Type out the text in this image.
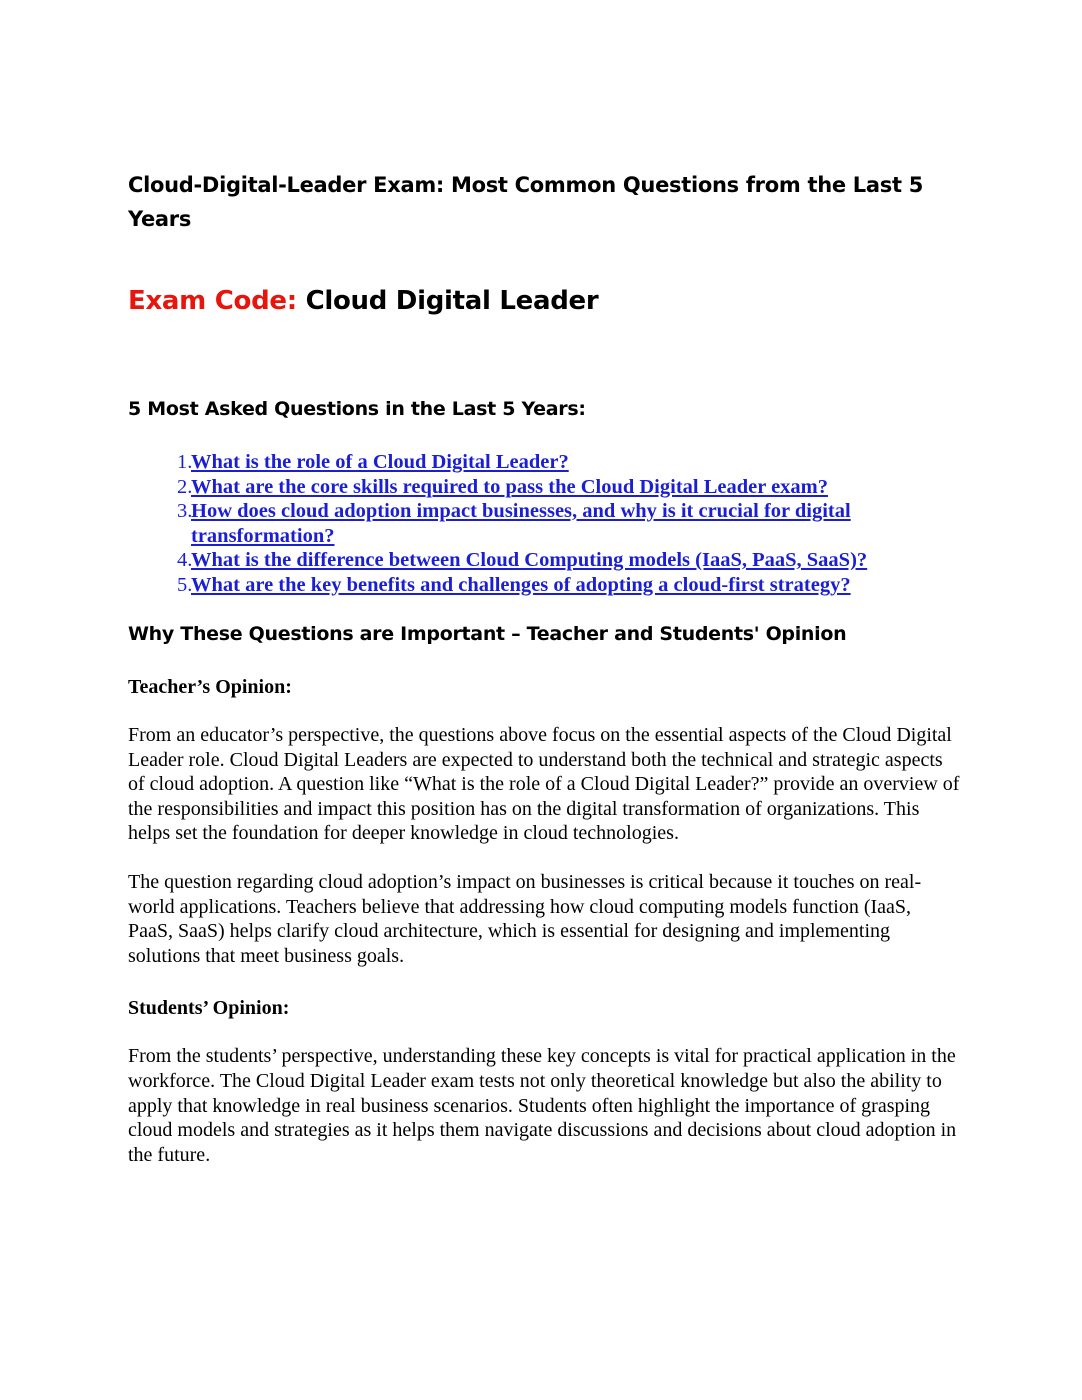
Cloud-Digital-Leader Exam: Most Common Questions from the Last 5 Years
Exam Code: Cloud Digital Leader
5 Most Asked Questions in the Last 5 Years:
1.
What is the role of a Cloud Digital Leader?
2.
What are the core skills required to pass the Cloud Digital Leader exam?
3.
How does cloud adoption impact businesses, and why is it crucial for digital transformation?
4.
What is the difference between Cloud Computing models (IaaS, PaaS, SaaS)?
5.
What are the key benefits and challenges of adopting a cloud-first strategy?
Why These Questions are Important – Teacher and Students' Opinion
Teacher’s Opinion:

From an educator’s perspective, the questions above focus on the essential aspects of the Cloud Digital Leader role. Cloud Digital Leaders are expected to understand both the technical and strategic aspects of cloud adoption. A question like “What is the role of a Cloud Digital Leader?” provide an overview of the responsibilities and impact this position has on the digital transformation of organizations. This helps set the foundation for deeper knowledge in cloud technologies.

The question regarding cloud adoption’s impact on businesses is critical because it touches on real-world applications. Teachers believe that addressing how cloud computing models function (IaaS, PaaS, SaaS) helps clarify cloud architecture, which is essential for designing and implementing solutions that meet business goals.

Students’ Opinion:

From the students’ perspective, understanding these key concepts is vital for practical application in the workforce. The Cloud Digital Leader exam tests not only theoretical knowledge but also the ability to apply that knowledge in real business scenarios. Students often highlight the importance of grasping cloud models and strategies as it helps them navigate discussions and decisions about cloud adoption in the future.
